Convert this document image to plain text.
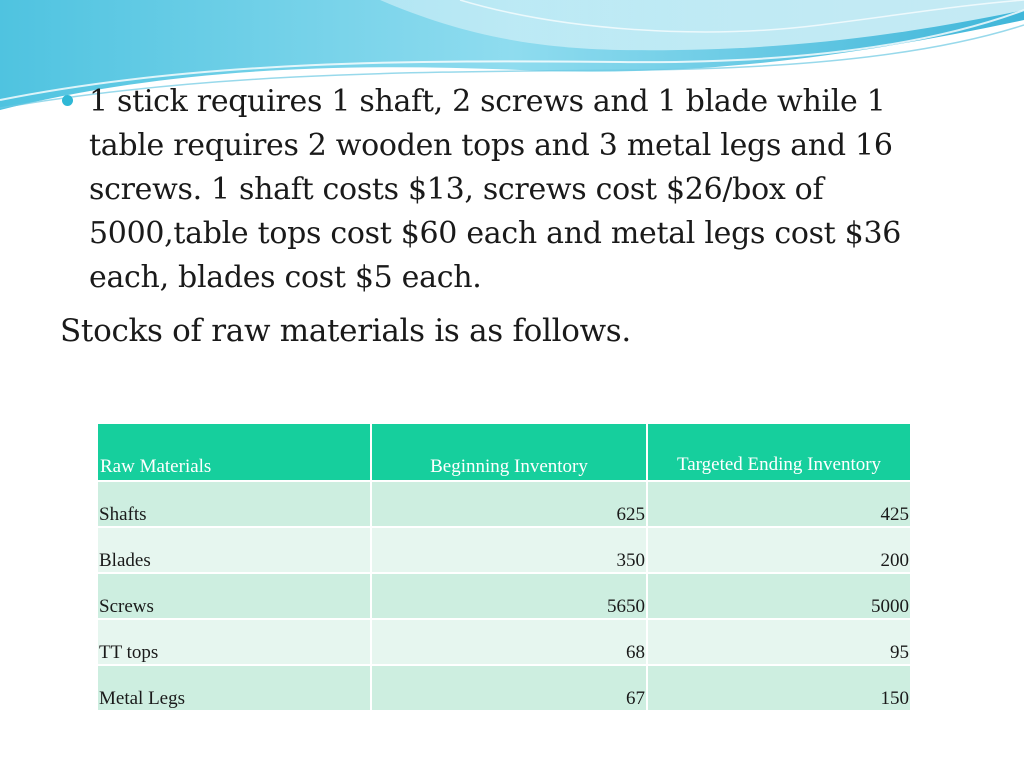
1 stick requires 1 shaft, 2 screws and 1 blade while 1 table requires 2 wooden tops and 3 metal legs and 16 screws. 1 shaft costs $13, screws cost $26/box of 5000,table tops cost $60 each and metal legs cost $36 each, blades cost $5 each.
Stocks of raw materials is as follows.
Raw Materials	Beginning Inventory	Targeted Ending Inventory
Shafts	625	425
Blades	350	200
Screws	5650	5000
TT tops	68	95
Metal Legs	67	150
